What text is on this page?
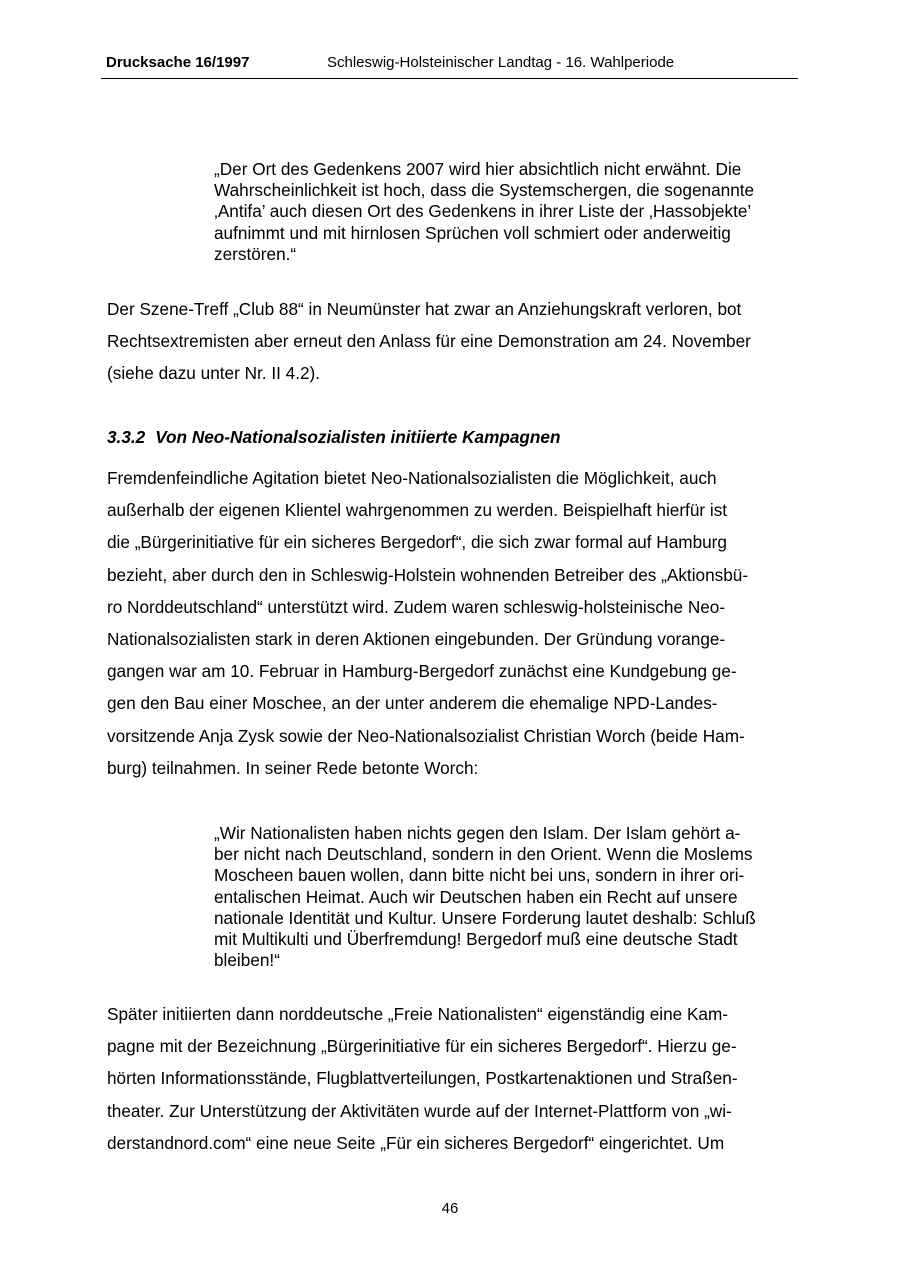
Drucksache 16/1997	Schleswig-Holsteinischer Landtag - 16. Wahlperiode
„Der Ort des Gedenkens 2007 wird hier absichtlich nicht erwähnt. Die
Wahrscheinlichkeit ist hoch, dass die Systemschergen, die sogenannte
‚Antifa’ auch diesen Ort des Gedenkens in ihrer Liste der ‚Hassobjekte’
aufnimmt und mit hirnlosen Sprüchen voll schmiert oder anderweitig
zerstören.“
Der Szene-Treff „Club 88“ in Neumünster hat zwar an Anziehungskraft verloren, bot
Rechtsextremisten aber erneut den Anlass für eine Demonstration am 24. November
(siehe dazu unter Nr. II 4.2).
3.3.2 Von Neo-Nationalsozialisten initiierte Kampagnen
Fremdenfeindliche Agitation bietet Neo-Nationalsozialisten die Möglichkeit, auch
außerhalb der eigenen Klientel wahrgenommen zu werden. Beispielhaft hierfür ist
die „Bürgerinitiative für ein sicheres Bergedorf“, die sich zwar formal auf Hamburg
bezieht, aber durch den in Schleswig-Holstein wohnenden Betreiber des „Aktionsbü-
ro Norddeutschland“ unterstützt wird. Zudem waren schleswig-holsteinische Neo-
Nationalsozialisten stark in deren Aktionen eingebunden. Der Gründung vorange-
gangen war am 10. Februar in Hamburg-Bergedorf zunächst eine Kundgebung ge-
gen den Bau einer Moschee, an der unter anderem die ehemalige NPD-Landes-
vorsitzende Anja Zysk sowie der Neo-Nationalsozialist Christian Worch (beide Ham-
burg) teilnahmen. In seiner Rede betonte Worch:
„Wir Nationalisten haben nichts gegen den Islam. Der Islam gehört a-
ber nicht nach Deutschland, sondern in den Orient. Wenn die Moslems
Moscheen bauen wollen, dann bitte nicht bei uns, sondern in ihrer ori-
entalischen Heimat. Auch wir Deutschen haben ein Recht auf unsere
nationale Identität und Kultur. Unsere Forderung lautet deshalb: Schluß
mit Multikulti und Überfremdung! Bergedorf muß eine deutsche Stadt
bleiben!“
Später initiierten dann norddeutsche „Freie Nationalisten“ eigenständig eine Kam-
pagne mit der Bezeichnung „Bürgerinitiative für ein sicheres Bergedorf“. Hierzu ge-
hörten Informationsstände, Flugblattverteilungen, Postkartenaktionen und Straßen-
theater. Zur Unterstützung der Aktivitäten wurde auf der Internet-Plattform von „wi-
derstandnord.com“ eine neue Seite „Für ein sicheres Bergedorf“ eingerichtet. Um
46
